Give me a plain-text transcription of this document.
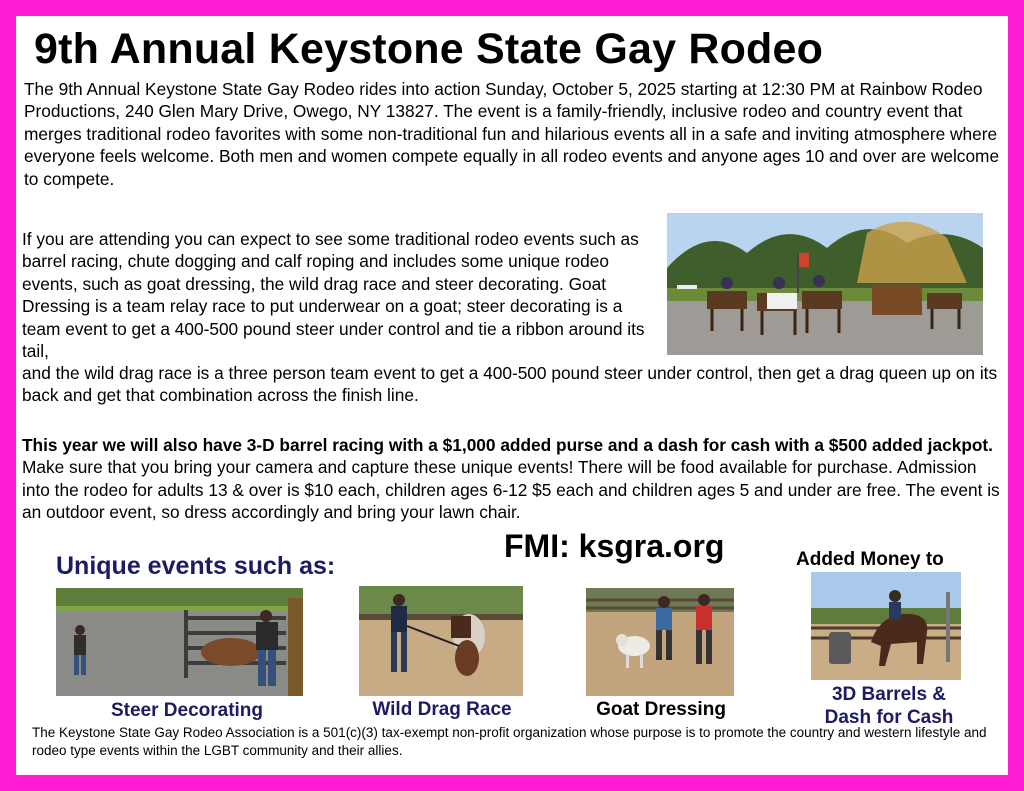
9th Annual Keystone State Gay Rodeo
The 9th Annual Keystone State Gay Rodeo rides into action Sunday, October 5, 2025 starting at 12:30 PM at Rainbow Rodeo Productions, 240 Glen Mary Drive, Owego, NY 13827. The event is a family-friendly, inclusive rodeo and country event that merges traditional rodeo favorites with some non-traditional fun and hilarious events all in a safe and inviting atmosphere where everyone feels welcome. Both men and women compete equally in all rodeo events and anyone ages 10 and over are welcome to compete.
If you are attending you can expect to see some traditional rodeo events such as barrel racing, chute dogging and calf roping and includes some unique rodeo events, such as goat dressing, the wild drag race and steer decorating. Goat Dressing is a team relay race to put underwear on a goat; steer decorating is a team event to get a 400-500 pound steer under control and tie a ribbon around its tail,
and the wild drag race is a three person team event to get a 400-500 pound steer under control, then get a drag queen up on its back and get that combination across the finish line.
This year we will also have 3-D barrel racing with a $1,000 added purse and a dash for cash with a $500 added jackpot. Make sure that you bring your camera and capture these unique events! There will be food available for purchase. Admission into the rodeo for adults 13 & over is $10 each, children ages 6-12 $5 each and children ages 5 and under are free. The event is an outdoor event, so dress accordingly and bring your lawn chair.
FMI: ksgra.org
Unique events such as:	Added Money to
Steer Decorating	Wild Drag Race	Goat Dressing
3D Barrels &
Dash for Cash
The Keystone State Gay Rodeo Association is a 501(c)(3) tax-exempt non-profit organization whose purpose is to promote the country and western lifestyle and rodeo type events within the LGBT community and their allies.
